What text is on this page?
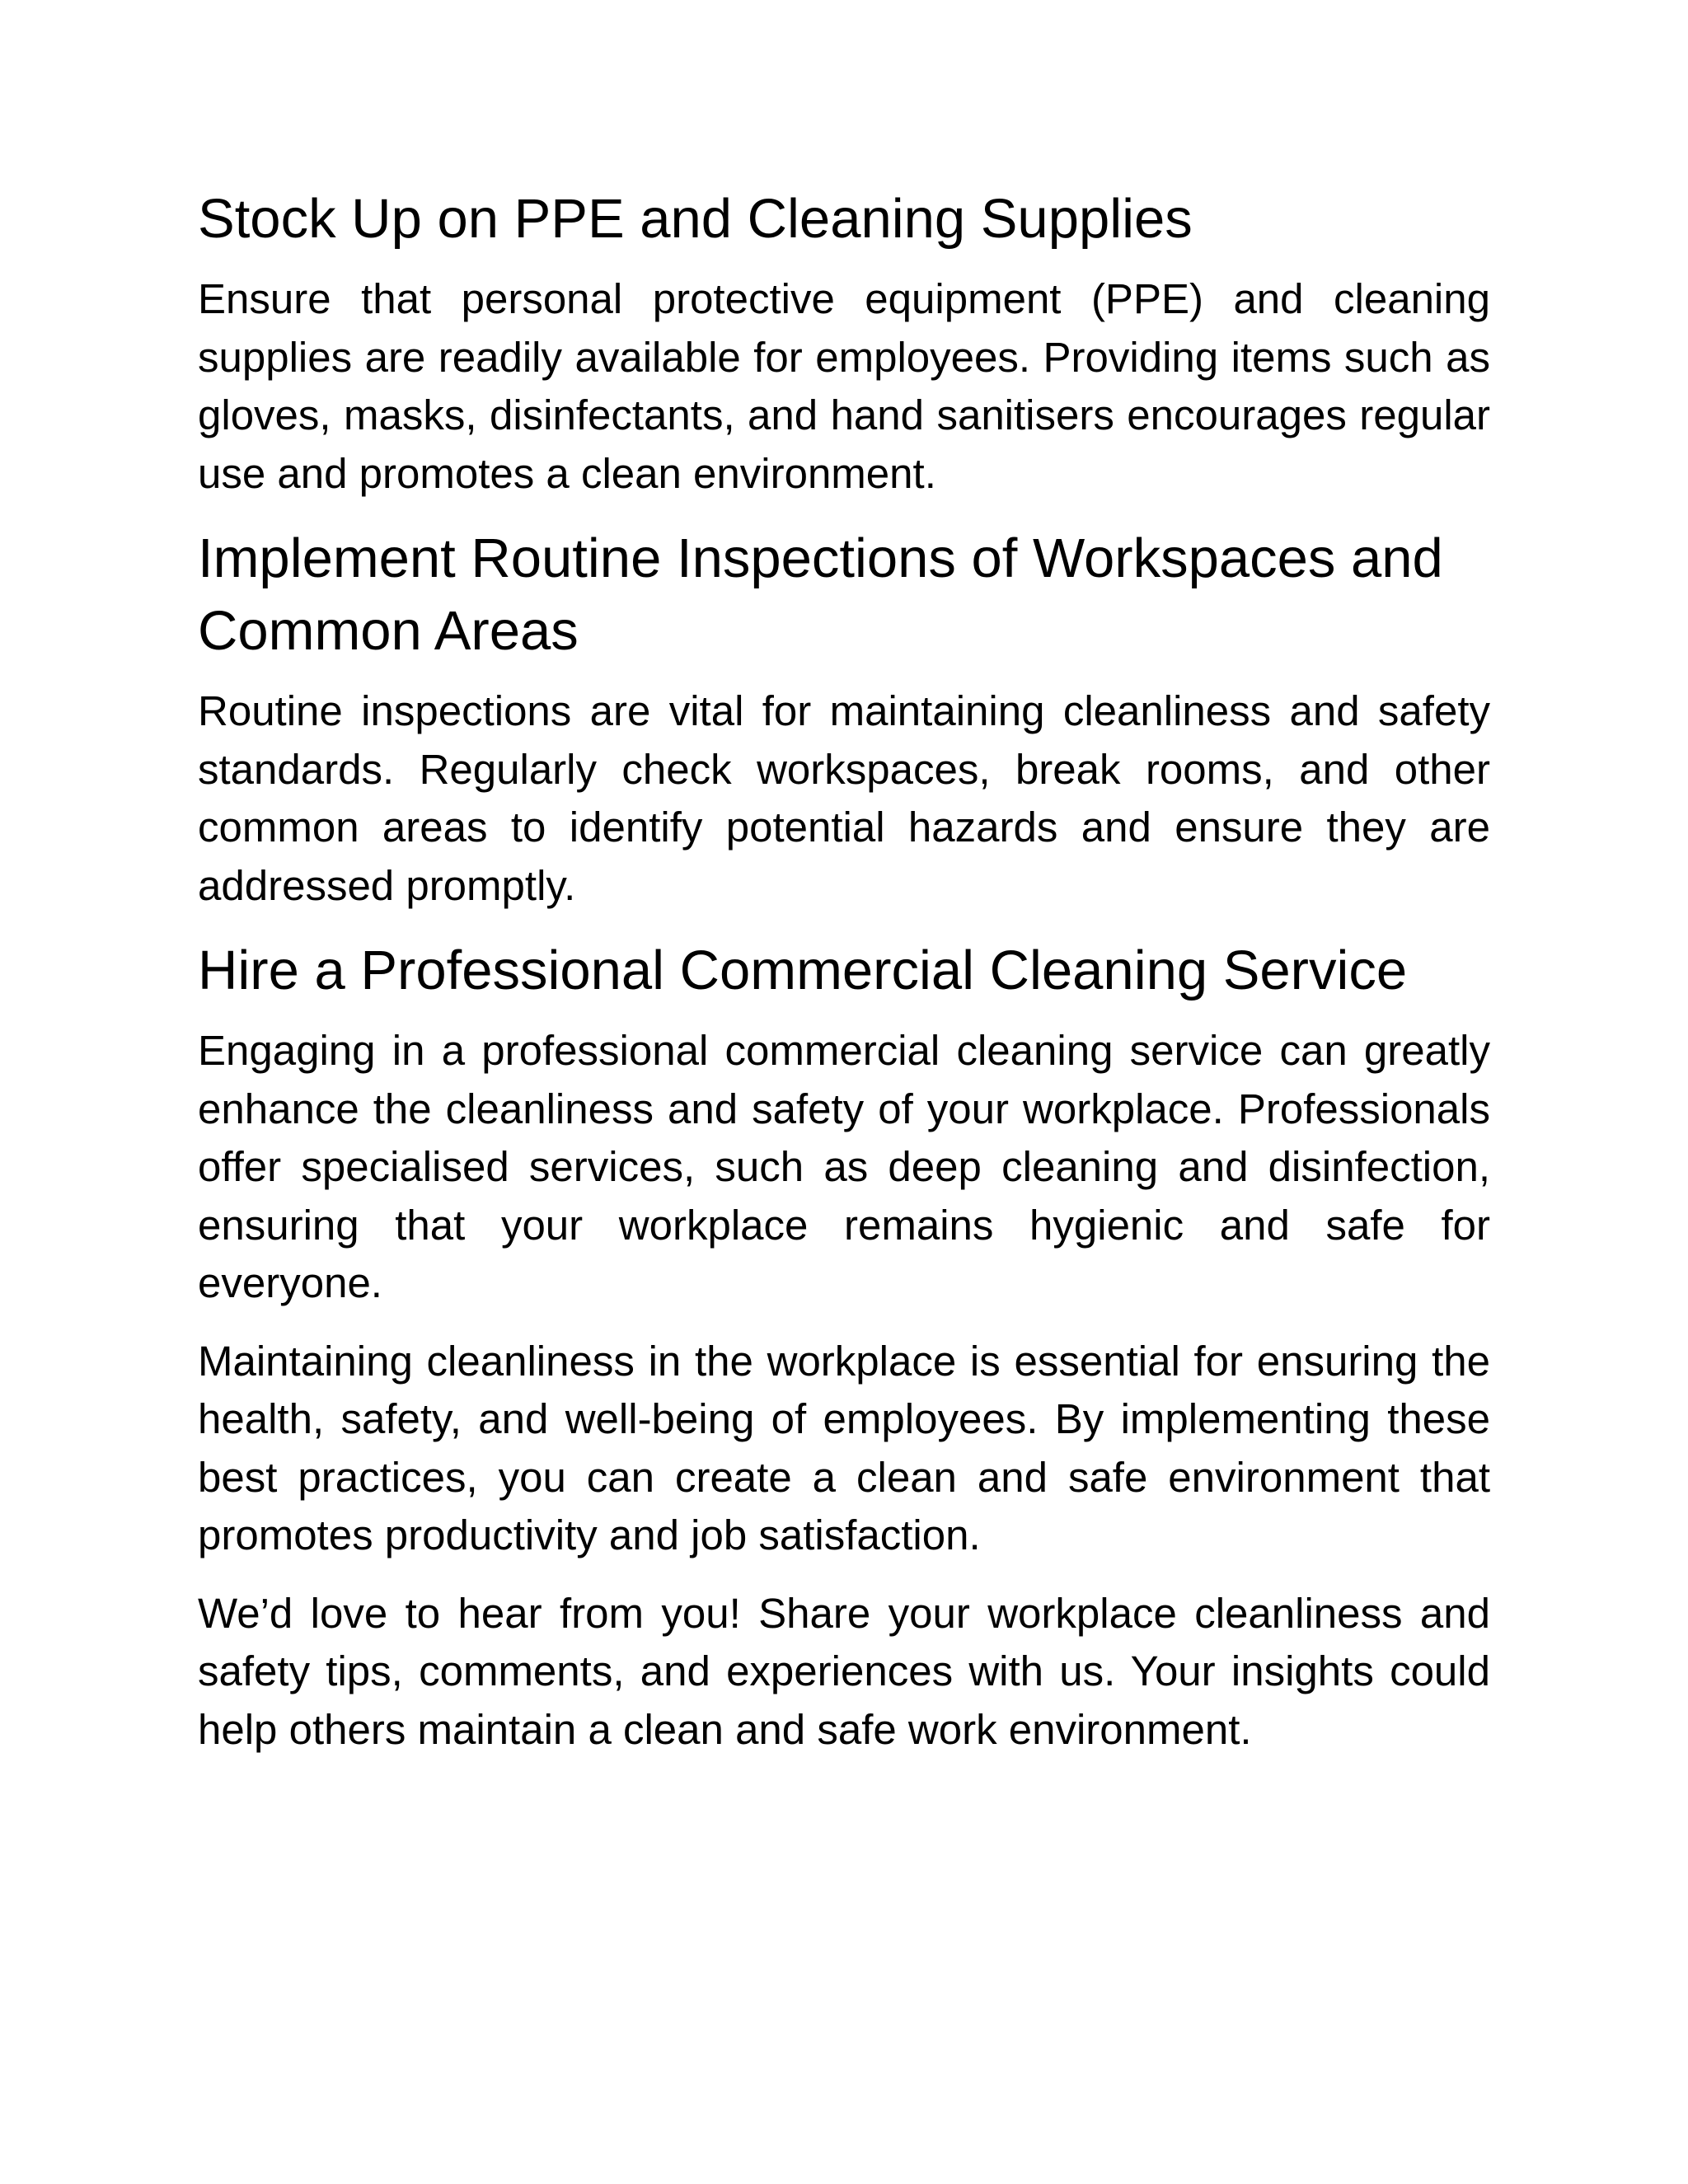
Stock Up on PPE and Cleaning Supplies

Ensure that personal protective equipment (PPE) and cleaning supplies are readily available for employees. Providing items such as gloves, masks, disinfectants, and hand sanitisers encourages regular use and promotes a clean environment.

Implement Routine Inspections of Workspaces and Common Areas

Routine inspections are vital for maintaining cleanliness and safety standards. Regularly check workspaces, break rooms, and other common areas to identify potential hazards and ensure they are addressed promptly.

Hire a Professional Commercial Cleaning Service

Engaging in a professional commercial cleaning service can greatly enhance the cleanliness and safety of your workplace. Professionals offer specialised services, such as deep cleaning and disinfection, ensuring that your workplace remains hygienic and safe for everyone.

Maintaining cleanliness in the workplace is essential for ensuring the health, safety, and well-being of employees. By implementing these best practices, you can create a clean and safe environment that promotes productivity and job satisfaction.

We’d love to hear from you! Share your workplace cleanliness and safety tips, comments, and experiences with us. Your insights could help others maintain a clean and safe work environment.
